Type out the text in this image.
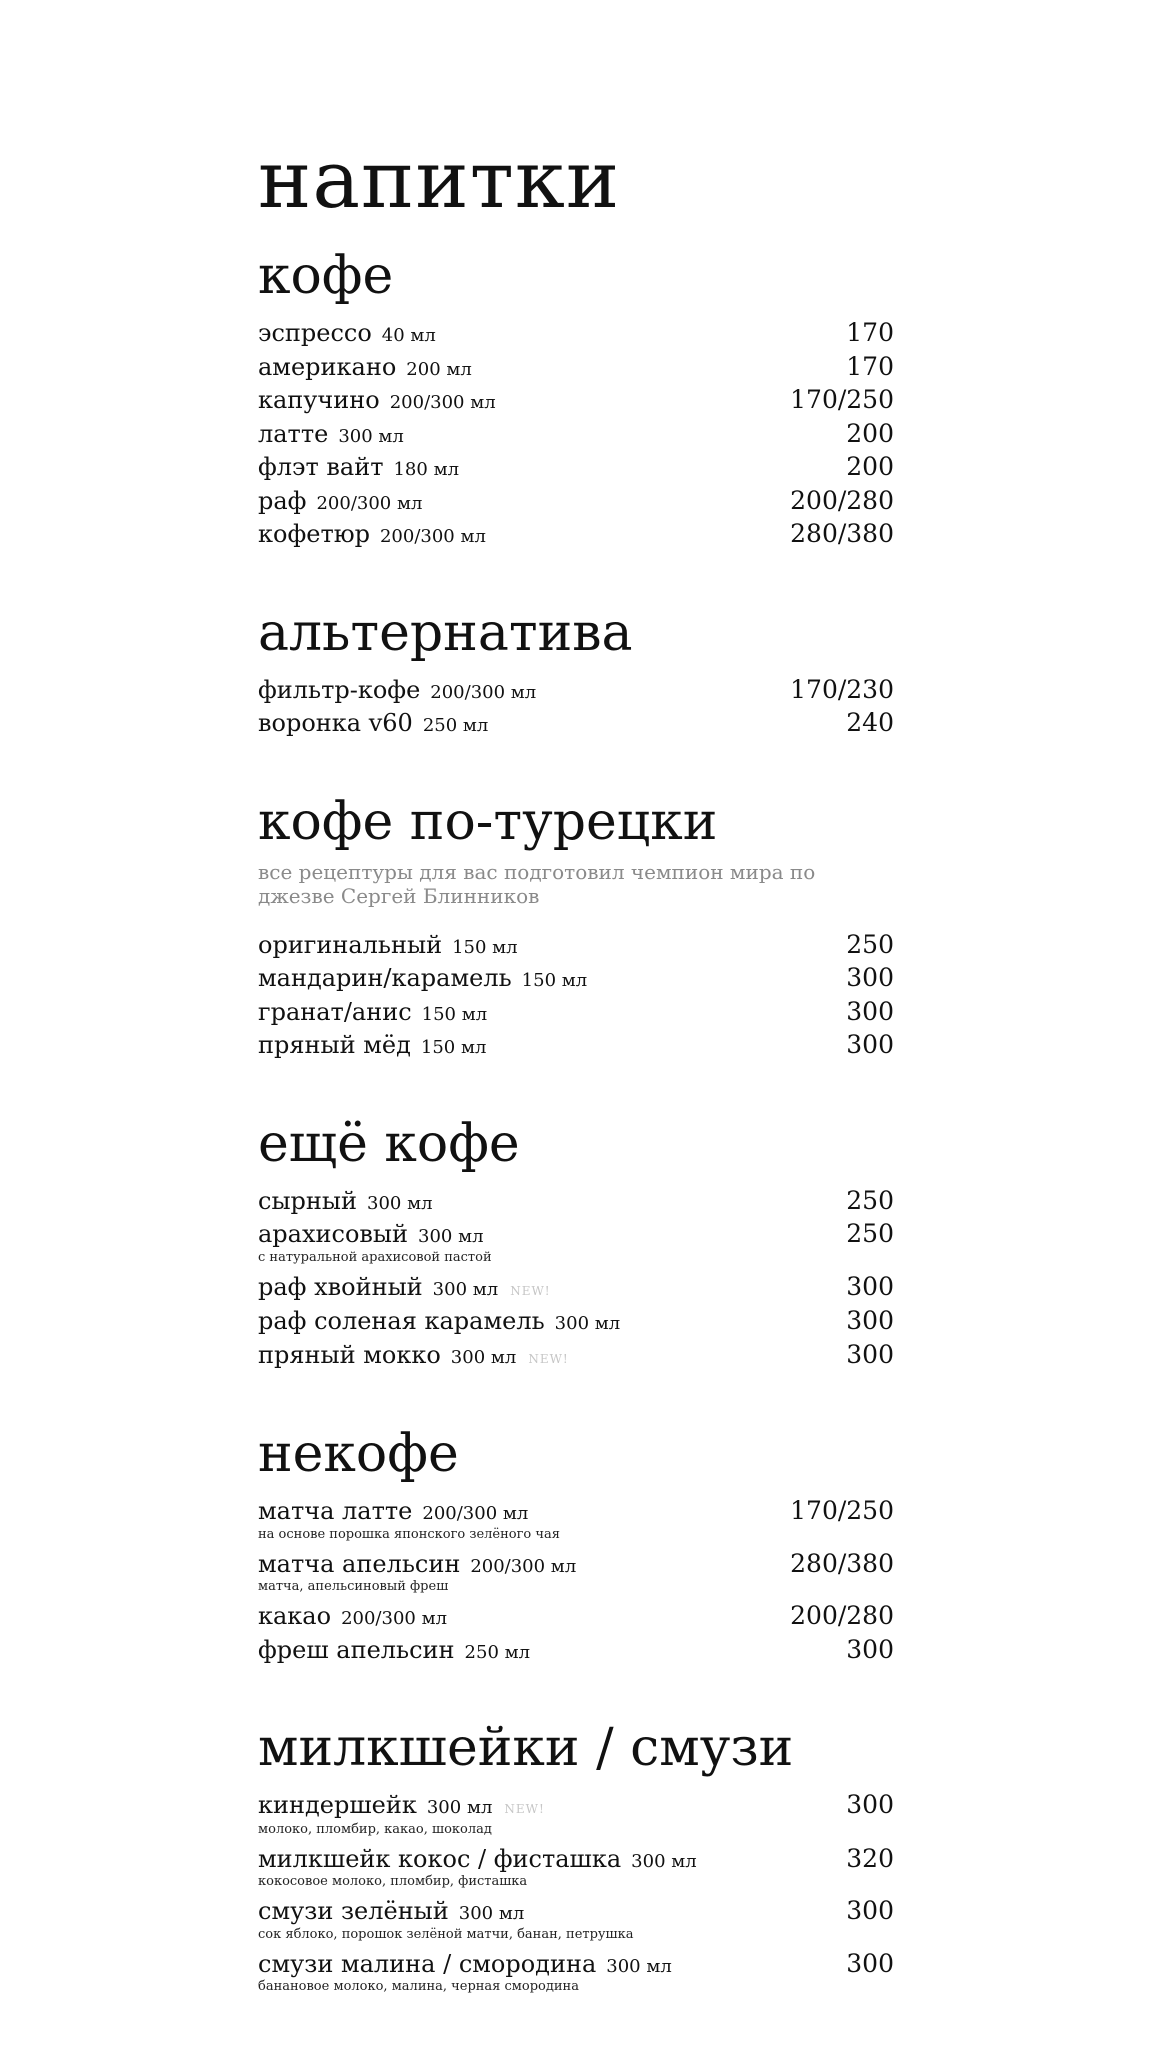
напитки
кофе
эспрессо 40 мл	170
американо 200 мл	170
капучино 200/300 мл	170/250
латте 300 мл	200
флэт вайт 180 мл	200
раф 200/300 мл	200/280
кофетюр 200/300 мл	280/380
альтернатива
фильтр-кофе 200/300 мл	170/230
воронка v60 250 мл	240
кофе по-турецки
все рецептуры для вас подготовил чемпион мира по джезве Сергей Блинников
оригинальный 150 мл	250
мандарин/карамель 150 мл	300
гранат/анис 150 мл	300
пряный мёд 150 мл	300
ещё кофе
сырный 300 мл	250
арахисовый 300 мл	250
с натуральной арахисовой пастой
раф хвойный 300 мл NEW!	300
раф соленая карамель 300 мл	300
пряный мокко 300 мл NEW!	300
некофе
матча латте 200/300 мл	170/250
на основе порошка японского зелёного чая
матча апельсин 200/300 мл	280/380
матча, апельсиновый фреш
какао 200/300 мл	200/280
фреш апельсин 250 мл	300
милкшейки / смузи
киндершейк 300 мл NEW!	300
молоко, пломбир, какао, шоколад
милкшейк кокос / фисташка 300 мл	320
кокосовое молоко, пломбир, фисташка
смузи зелёный 300 мл	300
сок яблоко, порошок зелёной матчи, банан, петрушка
смузи малина / смородина 300 мл	300
банановое молоко, малина, черная смородина
